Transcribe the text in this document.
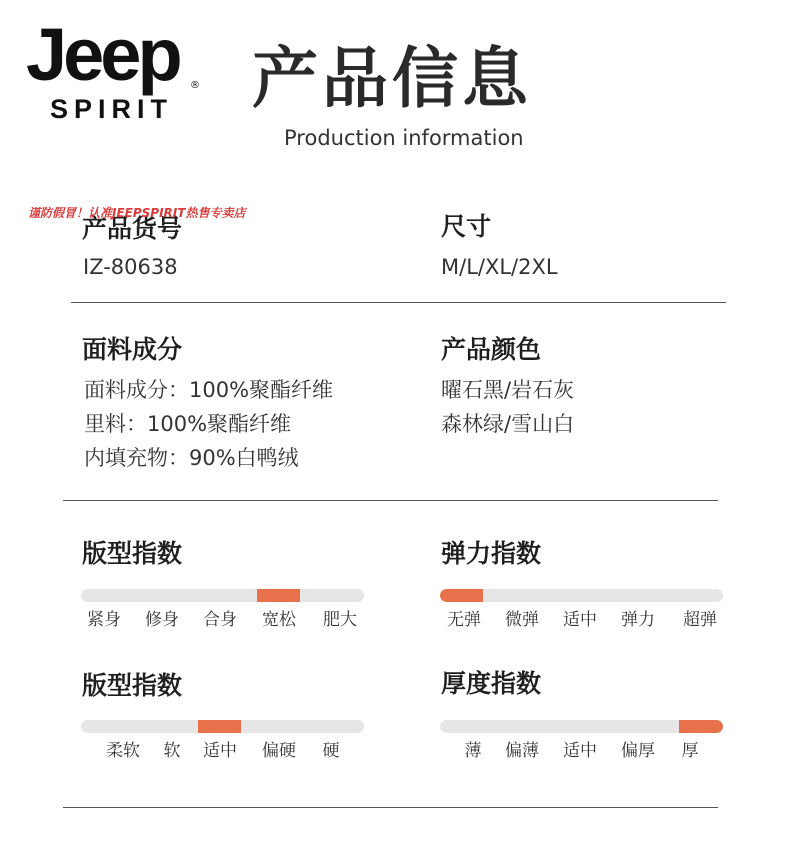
Jeep ®
SPIRIT 产品信息
Production information
产品货号
IZ-80638
尺寸
M/L/XL/2XL
谨防假冒！认准JEEPSPIRIT热售专卖店
面料成分
面料成分：100%聚酯纤维
里料：100%聚酯纤维
内填充物：90%白鸭绒
产品颜色
曜石黑/岩石灰
森林绿/雪山白
版型指数
紧身 修身 合身 宽松 肥大
弹力指数
无弹 微弹 适中 弹力 超弹
版型指数
柔软 软 适中 偏硬 硬
厚度指数
薄 偏薄 适中 偏厚 厚
